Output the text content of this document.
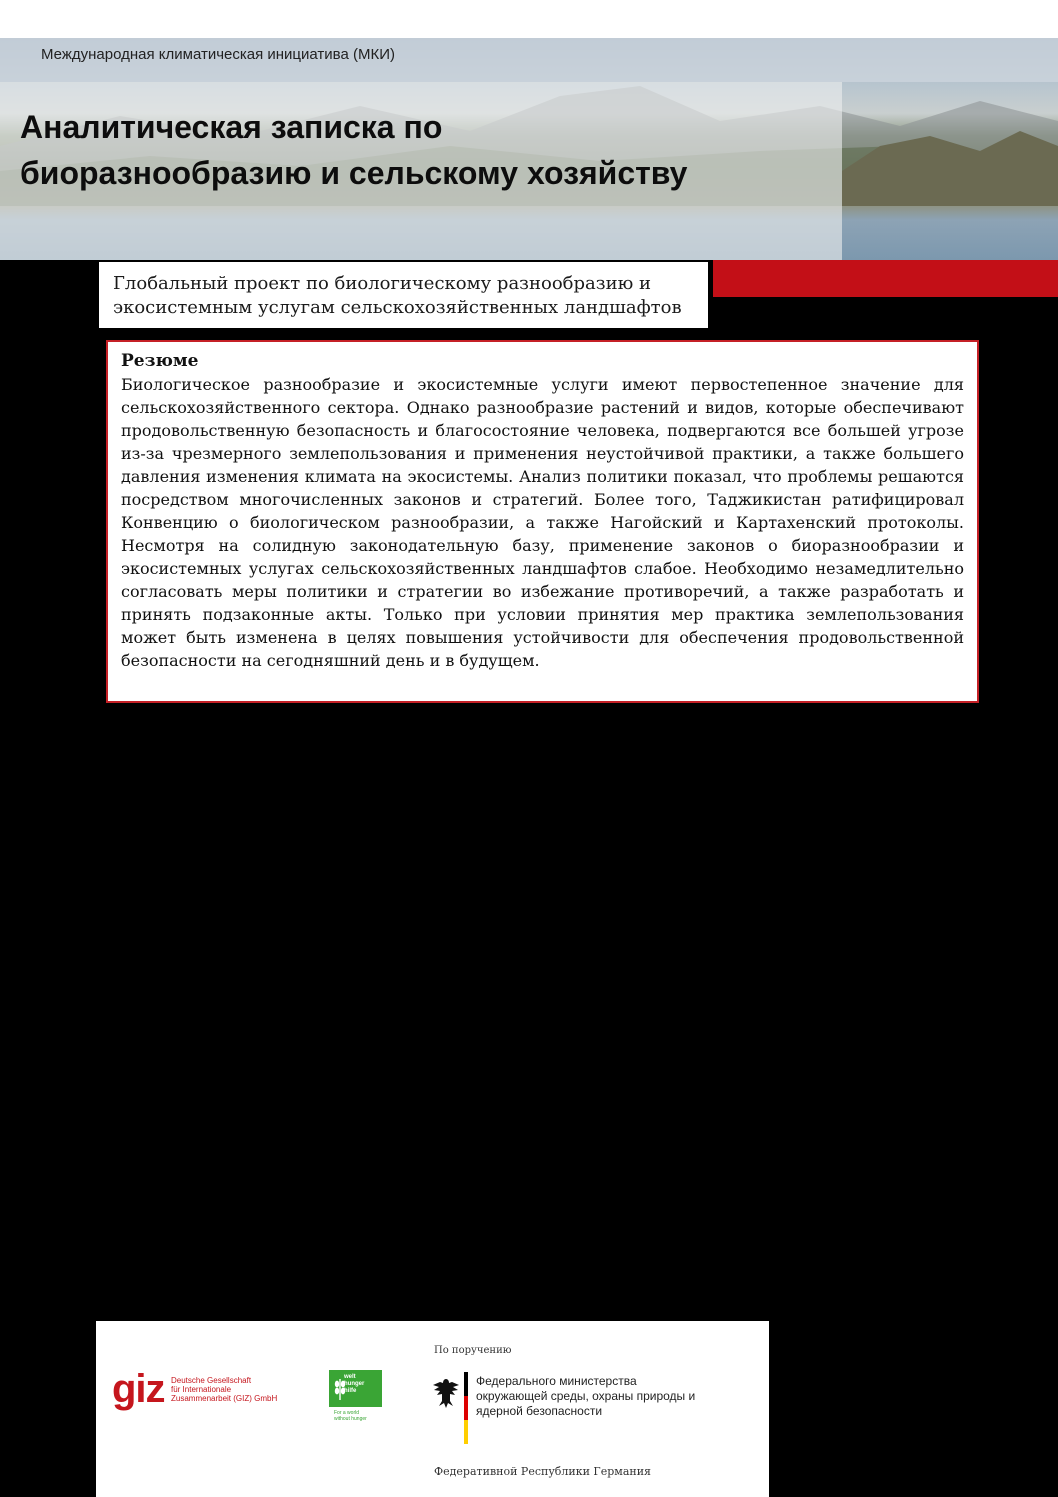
Международная климатическая инициатива (МКИ)
Аналитическая записка по
биоразнообразию и сельскому хозяйству
Глобальный проект по биологическому разнообразию и
экосистемным услугам сельскохозяйственных ландшафтов
Резюме

Биологическое разнообразие и экосистемные услуги имеют первостепенное значение для сельскохозяйственного сектора. Однако разнообразие растений и видов, которые обеспечивают продовольственную безопасность и благосостояние человека, подвергаются все большей угрозе из-за чрезмерного землепользования и применения неустойчивой практики, а также большего давления изменения климата на экосистемы. Анализ политики показал, что проблемы решаются посредством многочисленных законов и стратегий. Более того, Таджикистан ратифицировал Конвенцию о биологическом разнообразии, а также Нагойский и Картахенский протоколы. Несмотря на солидную законодательную базу, применение законов о биоразнообразии и экосистемных услугах сельскохозяйственных ландшафтов слабое. Необходимо незамедлительно согласовать меры политики и стратегии во избежание противоречий, а также разработать и принять подзаконные акты. Только при условии принятия мер практика землепользования может быть изменена в целях повышения устойчивости для обеспечения продовольственной безопасности на сегодняшний день и в будущем.

giz Deutsche Gesellschaft
für Internationale
Zusammenarbeit (GIZ) GmbH
welt
hunger
hilfe
For a world
without hunger
По поручению
Федерального министерства
окружающей среды, охраны природы и
ядерной безопасности
Федеративной Республики Германия
